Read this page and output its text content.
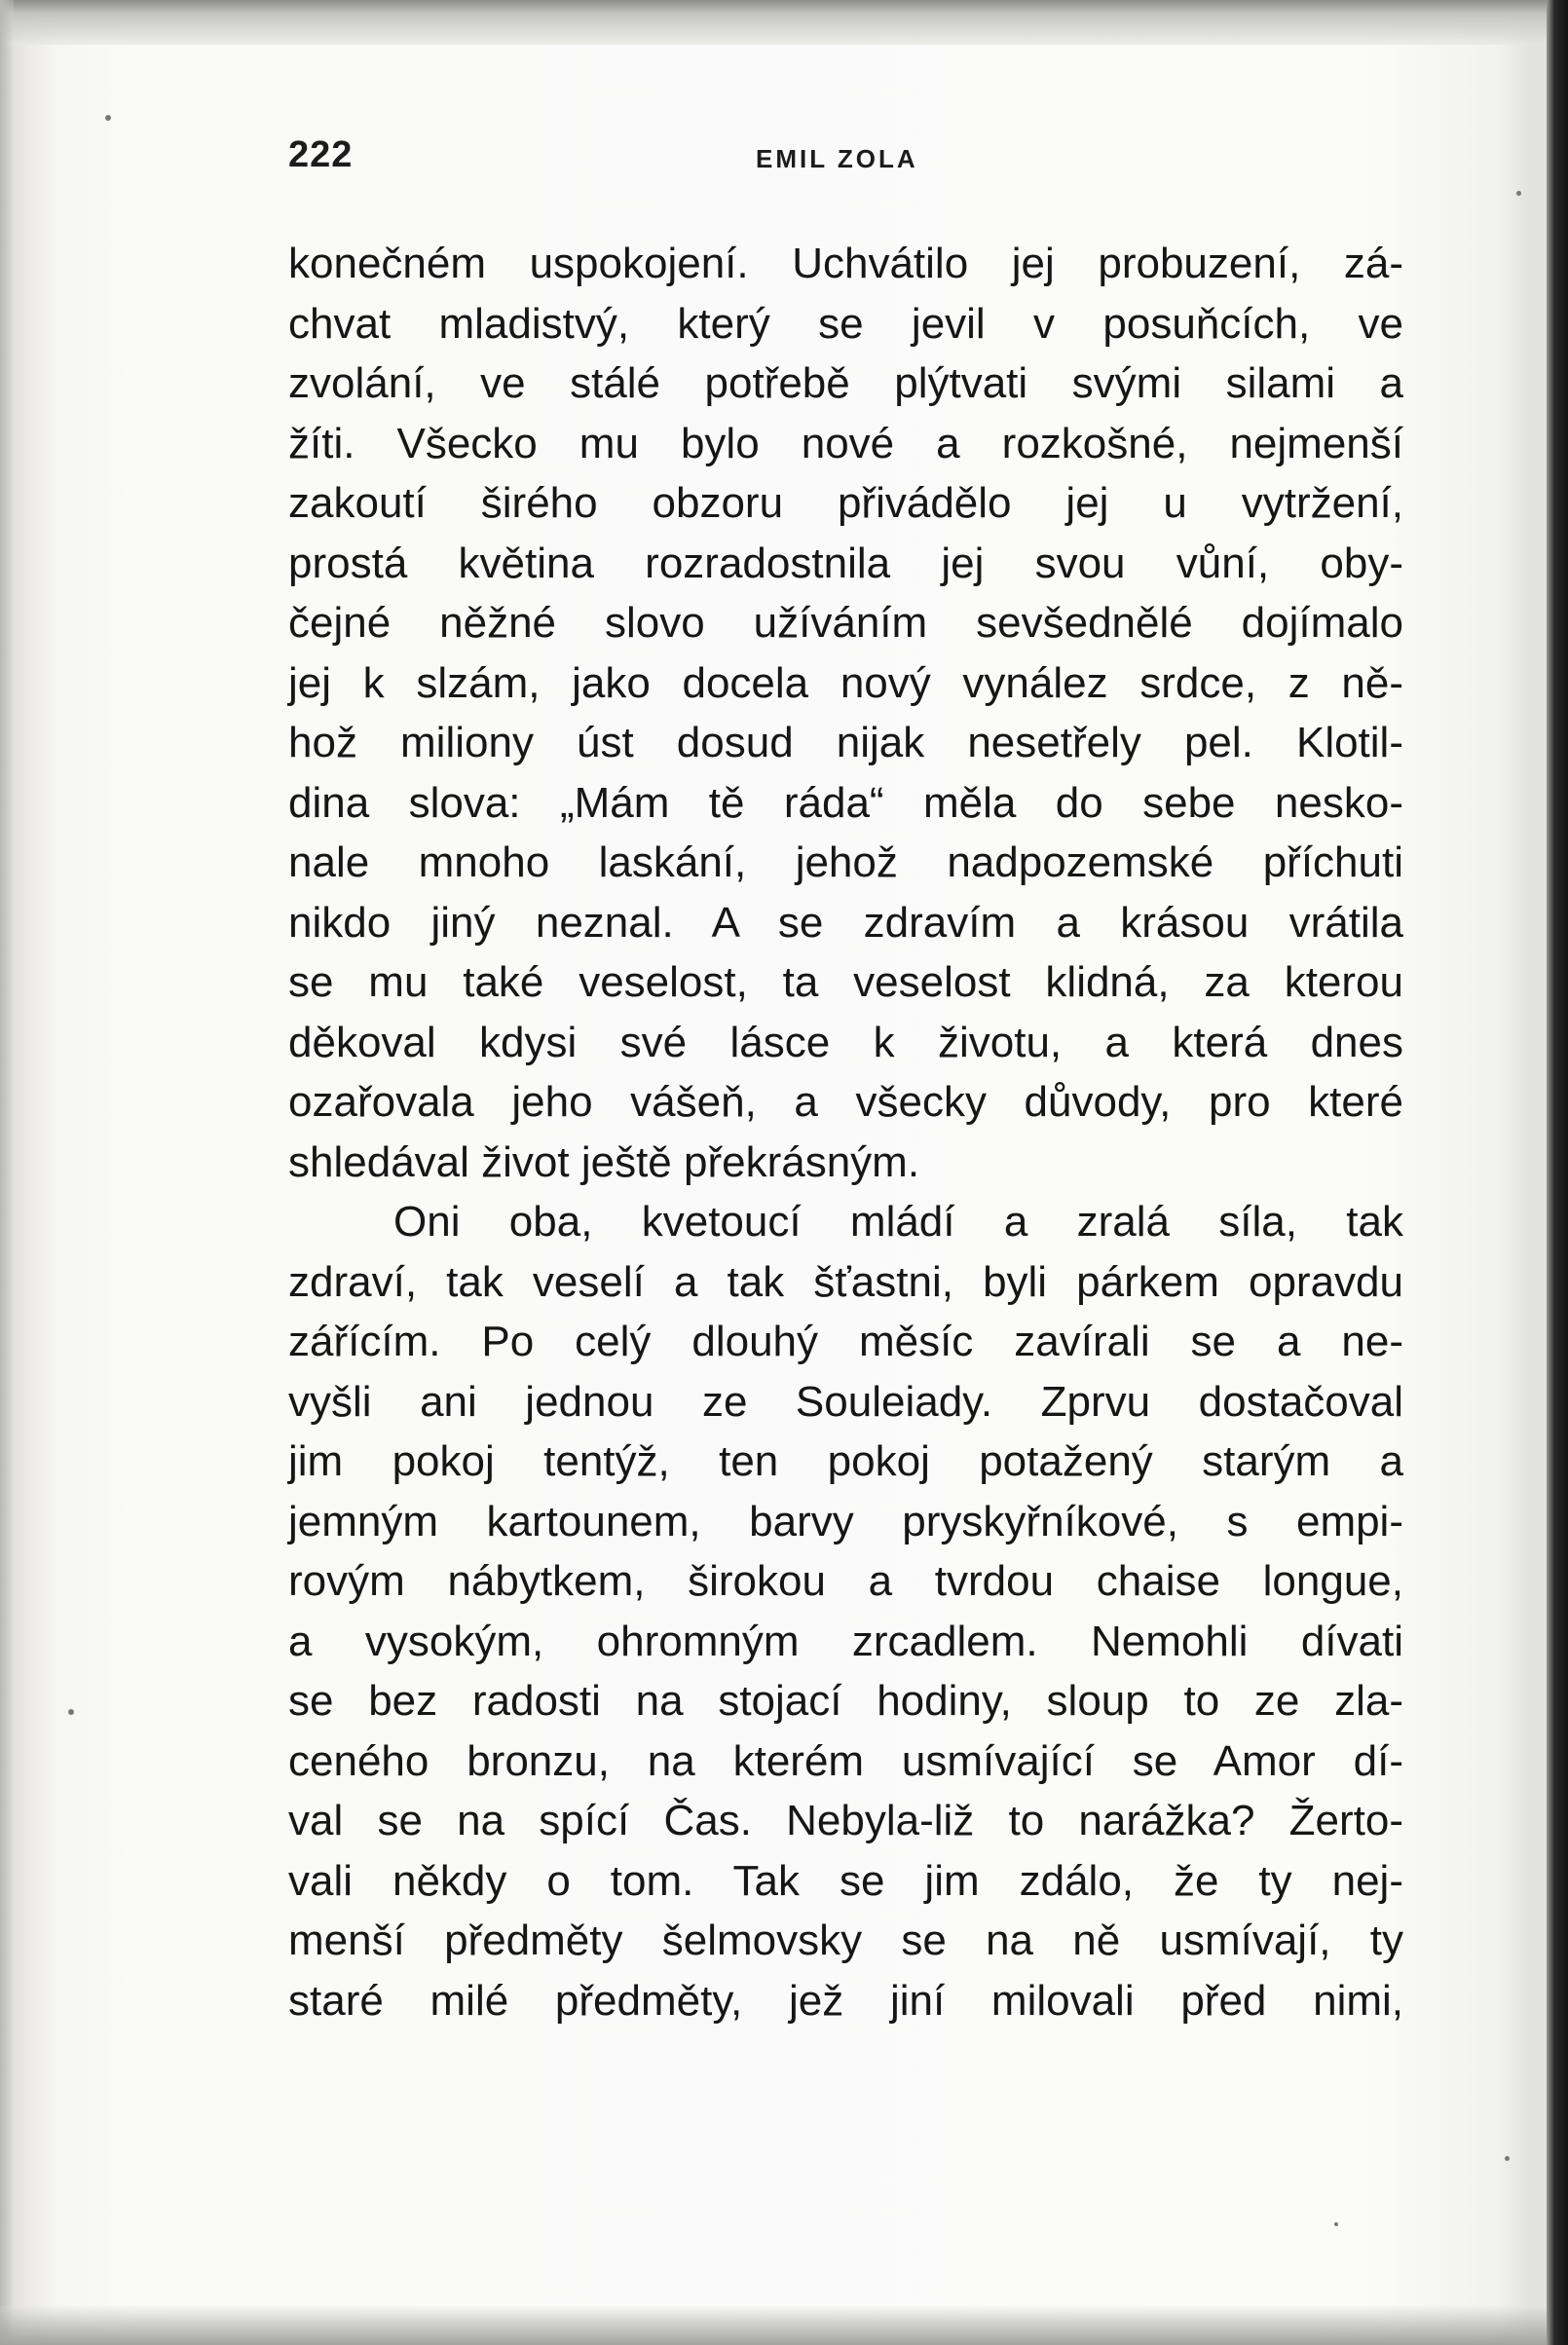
222	EMIL ZOLA
konečném uspokojení. Uchvátilo jej probuzení, zá-
chvat mladistvý, který se jevil v posuňcích, ve
zvolání, ve stálé potřebě plýtvati svými silami a
žíti. Všecko mu bylo nové a rozkošné, nejmenší
zakoutí širého obzoru přivádělo jej u vytržení,
prostá květina rozradostnila jej svou vůní, oby-
čejné něžné slovo užíváním sevšednělé dojímalo
jej k slzám, jako docela nový vynález srdce, z ně-
hož miliony úst dosud nijak nesetřely pel. Klotil-
dina slova: „Mám tě ráda“ měla do sebe nesko-
nale mnoho laskání, jehož nadpozemské příchuti
nikdo jiný neznal. A se zdravím a krásou vrátila
se mu také veselost, ta veselost klidná, za kterou
děkoval kdysi své lásce k životu, a která dnes
ozařovala jeho vášeň, a všecky důvody, pro které
shledával život ještě překrásným.
Oni oba, kvetoucí mládí a zralá síla, tak
zdraví, tak veselí a tak šťastni, byli párkem opravdu
zářícím. Po celý dlouhý měsíc zavírali se a ne-
vyšli ani jednou ze Souleiady. Zprvu dostačoval
jim pokoj tentýž, ten pokoj potažený starým a
jemným kartounem, barvy pryskyřníkové, s empi-
rovým nábytkem, širokou a tvrdou chaise longue,
a vysokým, ohromným zrcadlem. Nemohli dívati
se bez radosti na stojací hodiny, sloup to ze zla-
ceného bronzu, na kterém usmívající se Amor dí-
val se na spící Čas. Nebyla-liž to narážka? Žerto-
vali někdy o tom. Tak se jim zdálo, že ty nej-
menší předměty šelmovsky se na ně usmívají, ty
staré milé předměty, jež jiní milovali před nimi,
